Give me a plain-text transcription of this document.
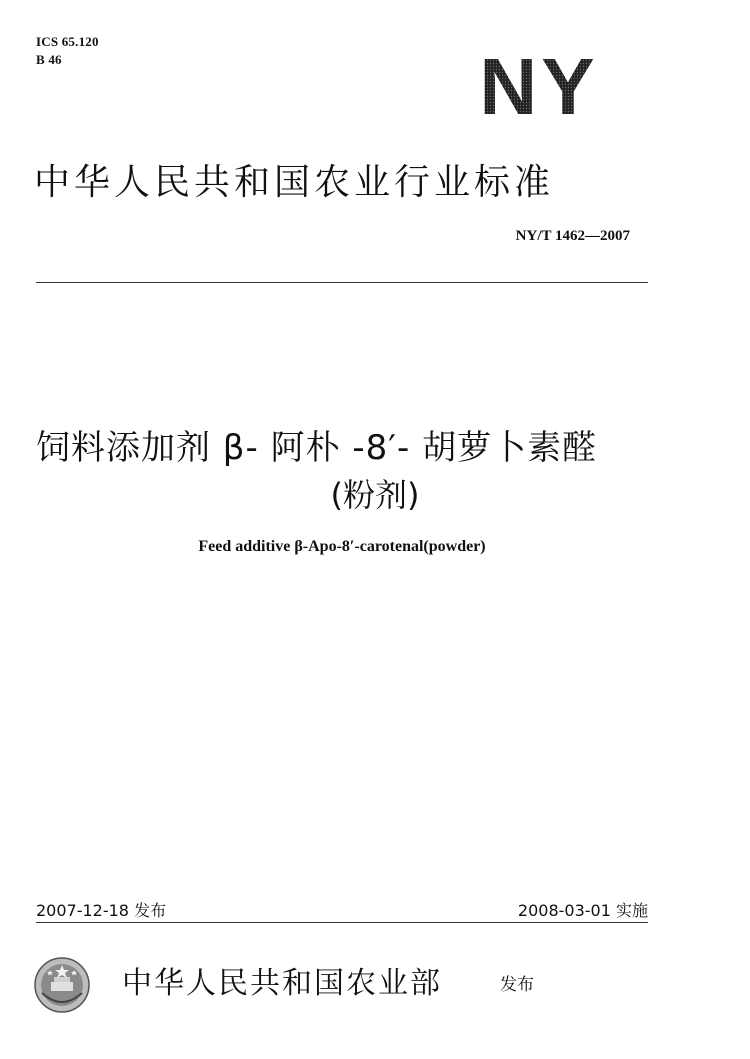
ICS 65.120
B 46	NY
中华人民共和国农业行业标准
NY/T 1462—2007
饲料添加剂 β- 阿朴 -8′- 胡萝卜素醛
(粉剂)
Feed additive β-Apo-8′-carotenal(powder)
2007-12-18 发布	2008-03-01 实施
中华人民共和国农业部	发布
